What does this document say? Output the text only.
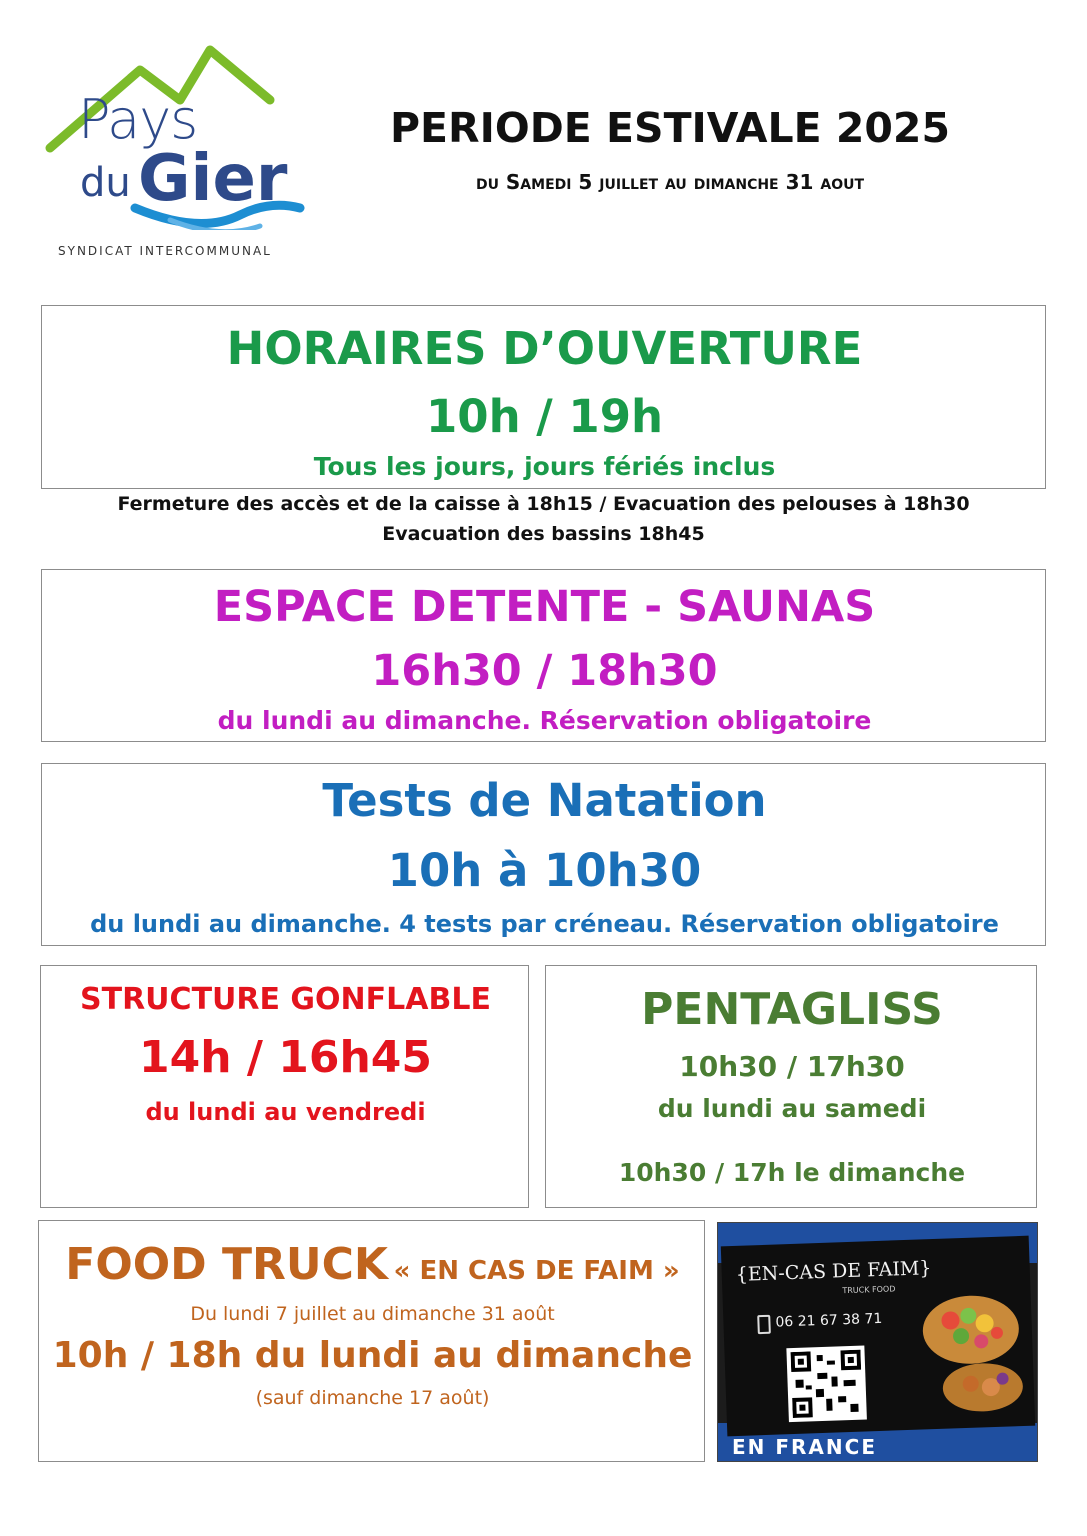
Pays
du Gier
SYNDICAT INTERCOMMUNAL
PERIODE ESTIVALE 2025
du Samedi 5 juillet au dimanche 31 aout
HORAIRES D’OUVERTURE
10h / 19h
Tous les jours, jours fériés inclus
Fermeture des accès et de la caisse à 18h15 / Evacuation des pelouses à 18h30
Evacuation des bassins 18h45
ESPACE DETENTE - SAUNAS
16h30 / 18h30
du lundi au dimanche. Réservation obligatoire
Tests de Natation
10h à 10h30
du lundi au dimanche. 4 tests par créneau. Réservation obligatoire
STRUCTURE GONFLABLE
14h / 16h45
du lundi au vendredi
PENTAGLISS
10h30 / 17h30
du lundi au samedi
10h30 / 17h le dimanche
FOOD TRUCK « EN CAS DE FAIM »
Du lundi 7 juillet au dimanche 31 août
10h / 18h du lundi au dimanche
(sauf dimanche 17 août)
{EN-CAS DE FAIM}
TRUCK FOOD
06 21 67 38 71
EN FRANCE
